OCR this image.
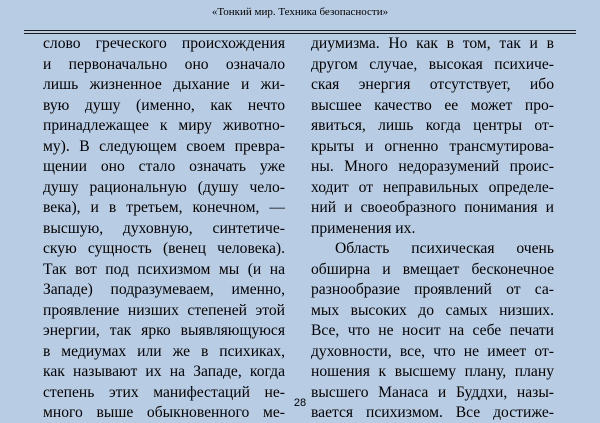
«Тонкий мир. Техника безопасности»
слово греческого происхождения
и первоначально оно означало
лишь жизненное дыхание и жи-
вую душу (именно, как нечто
принадлежащее к миру животно-
му). В следующем своем превра-
щении оно стало означать уже
душу рациональную (душу чело-
века), и в третьем, конечном, —
высшую, духовную, синтетиче-
скую сущность (венец человека).
Так вот под психизмом мы (и на
Западе) подразумеваем, именно,
проявление низших степеней этой
энергии, так ярко выявляющуюся
в медиумах или же в психиках,
как называют их на Западе, когда
степень этих манифестаций не-
много выше обыкновенного ме-
диумизма. Но как в том, так и в
другом случае, высокая психиче-
ская энергия отсутствует, ибо
высшее качество ее может про-
явиться, лишь когда центры от-
крыты и огненно трансмутирова-
ны. Много недоразумений проис-
ходит от неправильных определе-
ний и своеобразного понимания и
применения их.
Область психическая очень
обширна и вмещает бесконечное
разнообразие проявлений от са-
мых высоких до самых низших.
Все, что не носит на себе печати
духовности, все, что не имеет от-
ношения к высшему плану, плану
высшего Манаса и Буддхи, назы-
вается психизмом. Все достиже-
28
